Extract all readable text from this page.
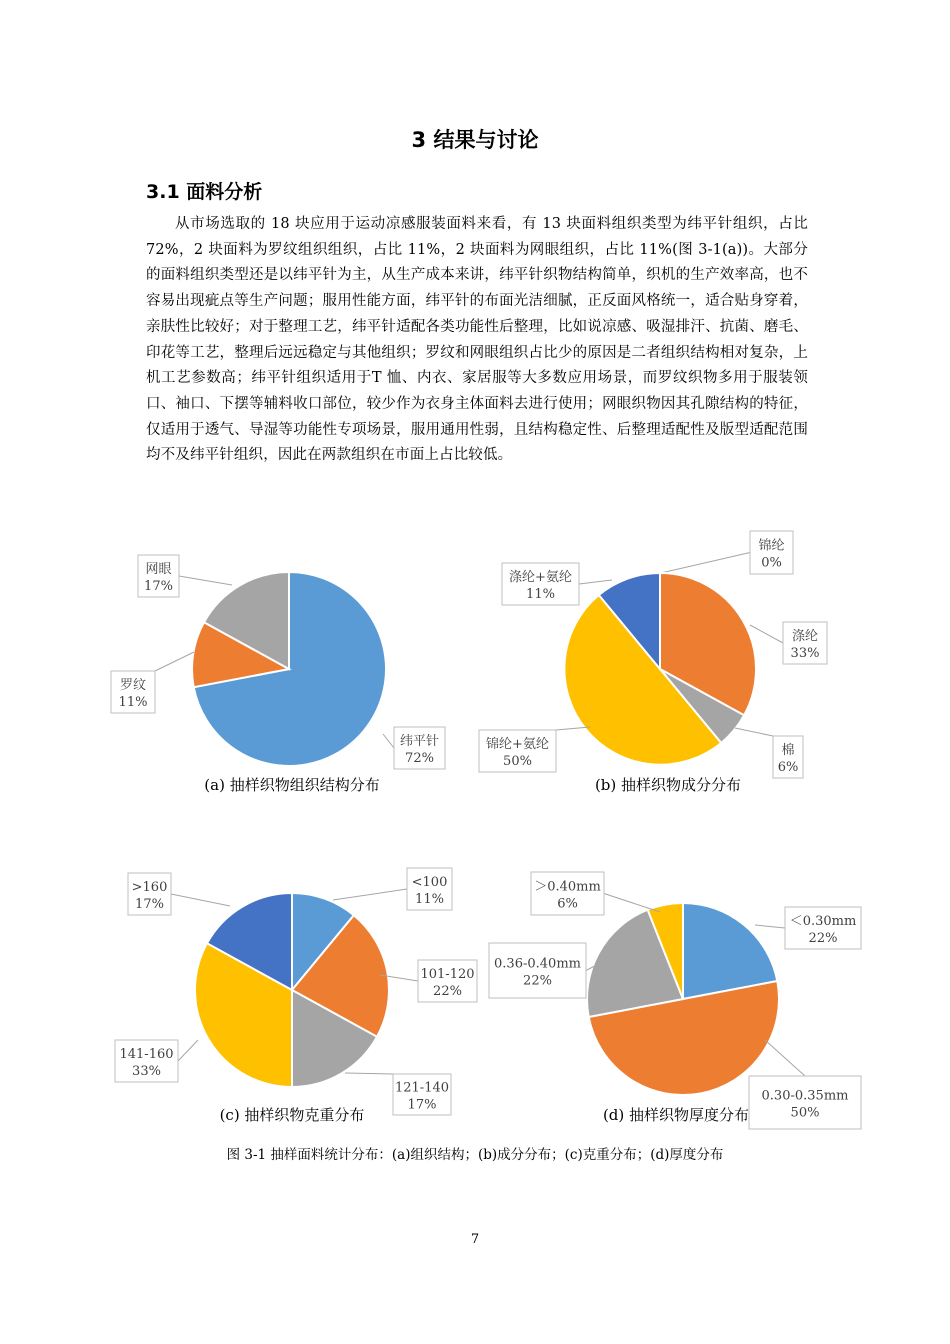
3 结果与讨论
3.1 面料分析

从市场选取的 18 块应用于运动凉感服装面料来看，有 13 块面料组织类型为纬平针组织，占比 72%，2 块面料为罗纹组织组织，占比 11%，2 块面料为网眼组织，占比 11%(图 3-1(a))。大部分的面料组织类型还是以纬平针为主，从生产成本来讲，纬平针织物结构简单，织机的生产效率高，也不容易出现疵点等生产问题；服用性能方面，纬平针的布面光洁细腻，正反面风格统一，适合贴身穿着，亲肤性比较好；对于整理工艺，纬平针适配各类功能性后整理，比如说凉感、吸湿排汗、抗菌、磨毛、印花等工艺，整理后远远稳定与其他组织；罗纹和网眼组织占比少的原因是二者组织结构相对复杂，上机工艺参数高；纬平针组织适用于T 恤、内衣、家居服等大多数应用场景，而罗纹织物多用于服装领口、袖口、下摆等辅料收口部位，较少作为衣身主体面料去进行使用；网眼织物因其孔隙结构的特征，仅适用于透气、导湿等功能性专项场景，服用通用性弱，且结构稳定性、后整理适配性及版型适配范围均不及纬平针组织，因此在两款组织在市面上占比较低。

纬平针
72%
罗纹
11%
网眼
17%
(a) 抽样织物组织结构分布
锦纶
0%
涤纶
33%
棉
6%
锦纶+氨纶
50%
涤纶+氨纶
11%
(b) 抽样织物成分分布
<100
11%
101-120
22%
121-140
17%
141-160
33%
>160
17%
(c) 抽样织物克重分布
＜0.30mm
22%
0.30-0.35mm
50%
0.36-0.40mm
22%
＞0.40mm
6%
(d) 抽样织物厚度分布
图 3-1 抽样面料统计分布：(a)组织结构；(b)成分分布；(c)克重分布；(d)厚度分布
7
